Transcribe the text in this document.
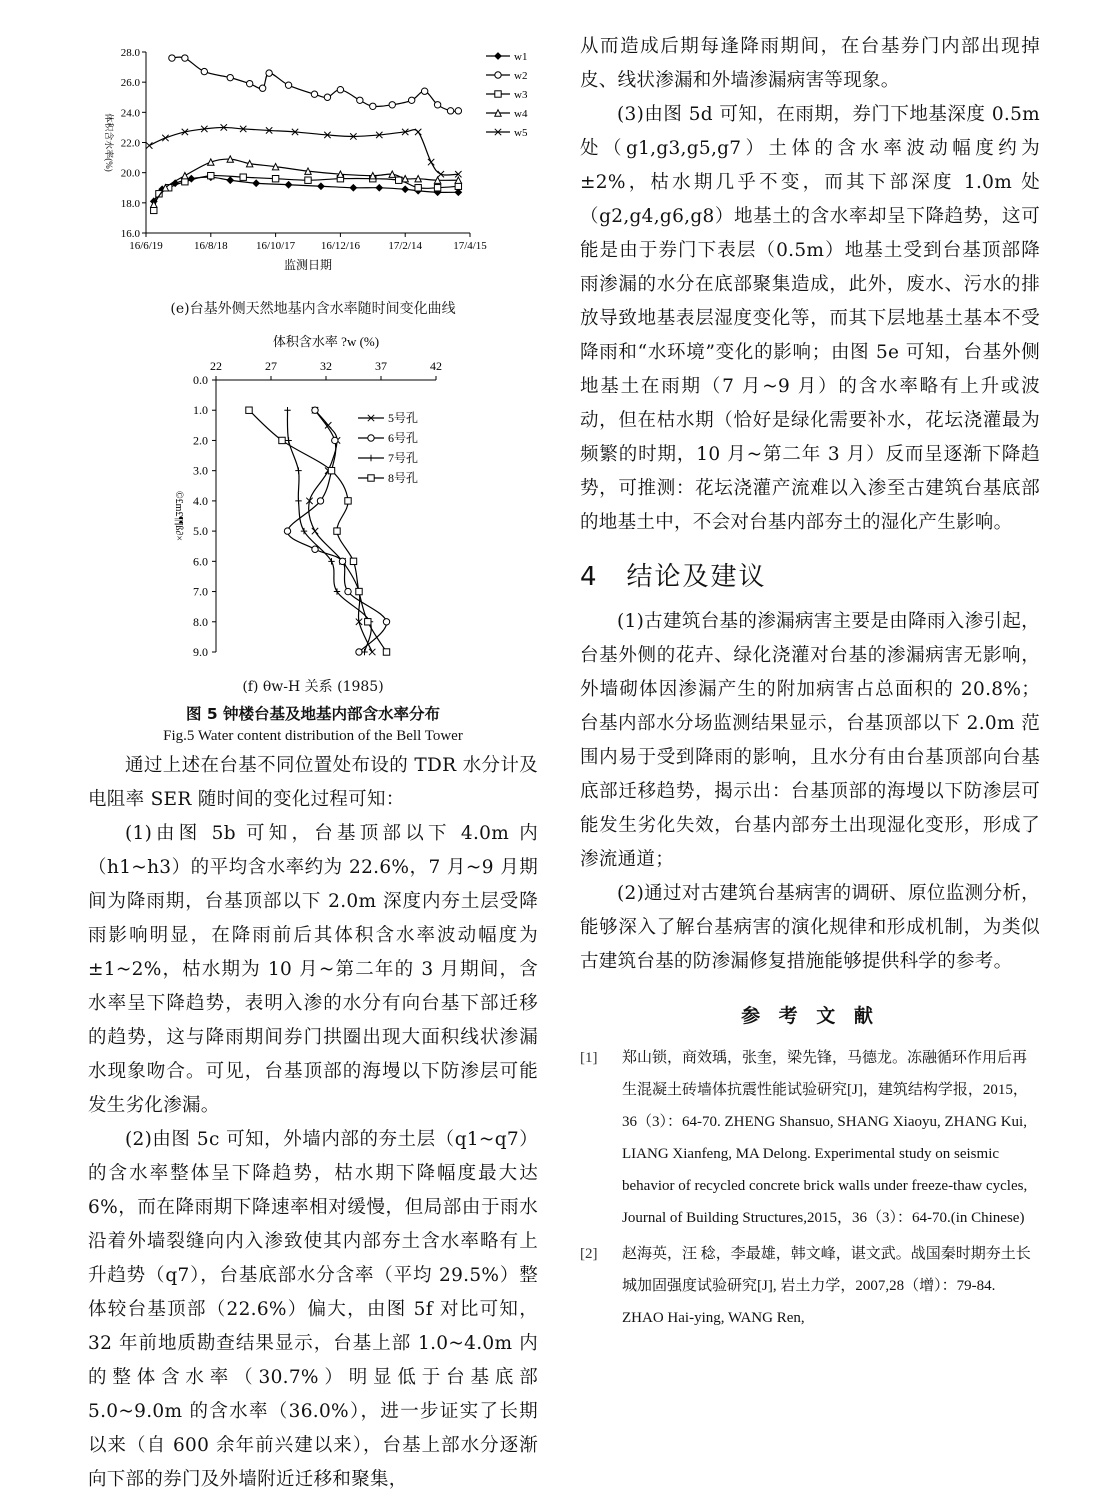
16.0
18.0
20.0
22.0
24.0
26.0
28.0
16/6/19	16/8/18	16/10/17 16/12/16	17/2/14	17/4/15
监测日期
体积含水率(%)
w1
w2
w3
w4
w5

(e)台基外侧天然地基内含水率随时间变化曲线

体积含水率 ?w (%)
22	27	32	37	42
0.0
1.0
2.0
3.0
4.0
5.0
6.0
7.0
8.0
9.0
©£m£¶¶ß∂×
5号孔
6号孔
7号孔
8号孔

(f) θw-H 关系 (1985)

图 5 钟楼台基及地基内部含水率分布

Fig.5 Water content distribution of the Bell Tower

通过上述在台基不同位置处布设的 TDR 水分计及电阻率 SER 随时间的变化过程可知：

(1)由图 5b 可知，台基顶部以下 4.0m 内（h1~h3）的平均含水率约为 22.6%，7 月~9 月期间为降雨期，台基顶部以下 2.0m 深度内夯土层受降雨影响明显，在降雨前后其体积含水率波动幅度为±1~2%，枯水期为 10 月~第二年的 3 月期间，含水率呈下降趋势，表明入渗的水分有向台基下部迁移的趋势，这与降雨期间券门拱圈出现大面积线状渗漏水现象吻合。可见，台基顶部的海墁以下防渗层可能发生劣化渗漏。

(2)由图 5c 可知，外墙内部的夯土层（q1~q7）的含水率整体呈下降趋势，枯水期下降幅度最大达 6%，而在降雨期下降速率相对缓慢，但局部由于雨水沿着外墙裂缝向内入渗致使其内部夯土含水率略有上升趋势（q7），台基底部水分含率（平均 29.5%）整体较台基顶部（22.6%）偏大，由图 5f 对比可知，32 年前地质勘查结果显示，台基上部 1.0~4.0m 内的整体含水率（30.7%）明显低于台基底部 5.0~9.0m 的含水率（36.0%），进一步证实了长期以来（自 600 余年前兴建以来），台基上部水分逐渐向下部的券门及外墙附近迁移和聚集，

从而造成后期每逢降雨期间，在台基券门内部出现掉皮、线状渗漏和外墙渗漏病害等现象。

(3)由图 5d 可知，在雨期，券门下地基深度 0.5m 处（g1,g3,g5,g7）土体的含水率波动幅度约为±2%，枯水期几乎不变，而其下部深度 1.0m 处（g2,g4,g6,g8）地基土的含水率却呈下降趋势，这可能是由于券门下表层（0.5m）地基土受到台基顶部降雨渗漏的水分在底部聚集造成，此外，废水、污水的排放导致地基表层湿度变化等，而其下层地基土基本不受降雨和“水环境”变化的影响；由图 5e 可知，台基外侧地基土在雨期（7 月~9 月）的含水率略有上升或波动，但在枯水期（恰好是绿化需要补水，花坛浇灌最为频繁的时期，10 月~第二年 3 月）反而呈逐渐下降趋势，可推测：花坛浇灌产流难以入渗至古建筑台基底部的地基土中，不会对台基内部夯土的湿化产生影响。

4　结论及建议

(1)古建筑台基的渗漏病害主要是由降雨入渗引起，台基外侧的花卉、绿化浇灌对台基的渗漏病害无影响，外墙砌体因渗漏产生的附加病害占总面积的 20.8%；台基内部水分场监测结果显示，台基顶部以下 2.0m 范围内易于受到降雨的影响，且水分有由台基顶部向台基底部迁移趋势，揭示出：台基顶部的海墁以下防渗层可能发生劣化失效，台基内部夯土出现湿化变形，形成了渗流通道；

(2)通过对古建筑台基病害的调研、原位监测分析，能够深入了解台基病害的演化规律和形成机制，为类似古建筑台基的防渗漏修复措施能够提供科学的参考。

参 考 文 献
[1]	郑山锁，商效瑀，张奎，梁先锋，马德龙。冻融循环作用后再生混凝土砖墙体抗震性能试验研究[J]，建筑结构学报，2015，36（3）：64-70. ZHENG Shansuo, SHANG Xiaoyu, ZHANG Kui, LIANG Xianfeng, MA Delong. Experimental study on seismic behavior of recycled concrete brick walls under freeze-thaw cycles, Journal of Building Structures,2015，36（3）：64-70.(in Chinese)
[2]	赵海英，汪 稔，李最雄，韩文峰，谌文武。战国秦时期夯土长城加固强度试验研究[J], 岩土力学，2007,28（增）：79-84. ZHAO Hai-ying, WANG Ren,
